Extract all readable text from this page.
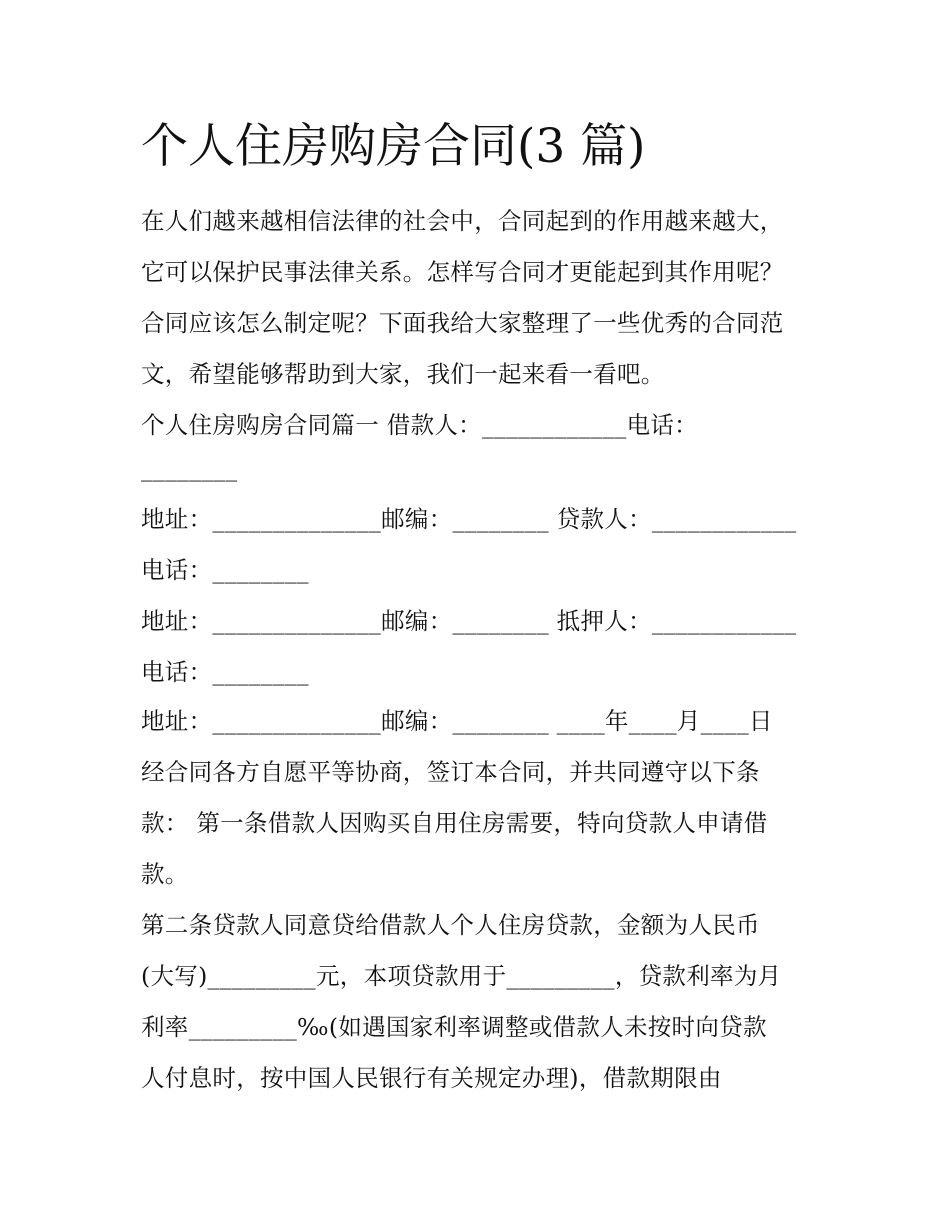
个人住房购房合同(3 篇)

在人们越来越相信法律的社会中，合同起到的作用越来越大，

它可以保护民事法律关系。怎样写合同才更能起到其作用呢？

合同应该怎么制定呢？下面我给大家整理了一些优秀的合同范

文，希望能够帮助到大家，我们一起来看一看吧。

个人住房购房合同篇一 借款人：____________电话：

________

地址：______________邮编：________ 贷款人：____________

电话：________

地址：______________邮编：________ 抵押人：____________

电话：________

地址：______________邮编：________ ____年____月____日

经合同各方自愿平等协商，签订本合同，并共同遵守以下条

款： 第一条借款人因购买自用住房需要，特向贷款人申请借

款。

第二条贷款人同意贷给借款人个人住房贷款，金额为人民币

(大写)_________元，本项贷款用于_________，贷款利率为月

利率_________‰(如遇国家利率调整或借款人未按时向贷款

人付息时，按中国人民银行有关规定办理)，借款期限由
